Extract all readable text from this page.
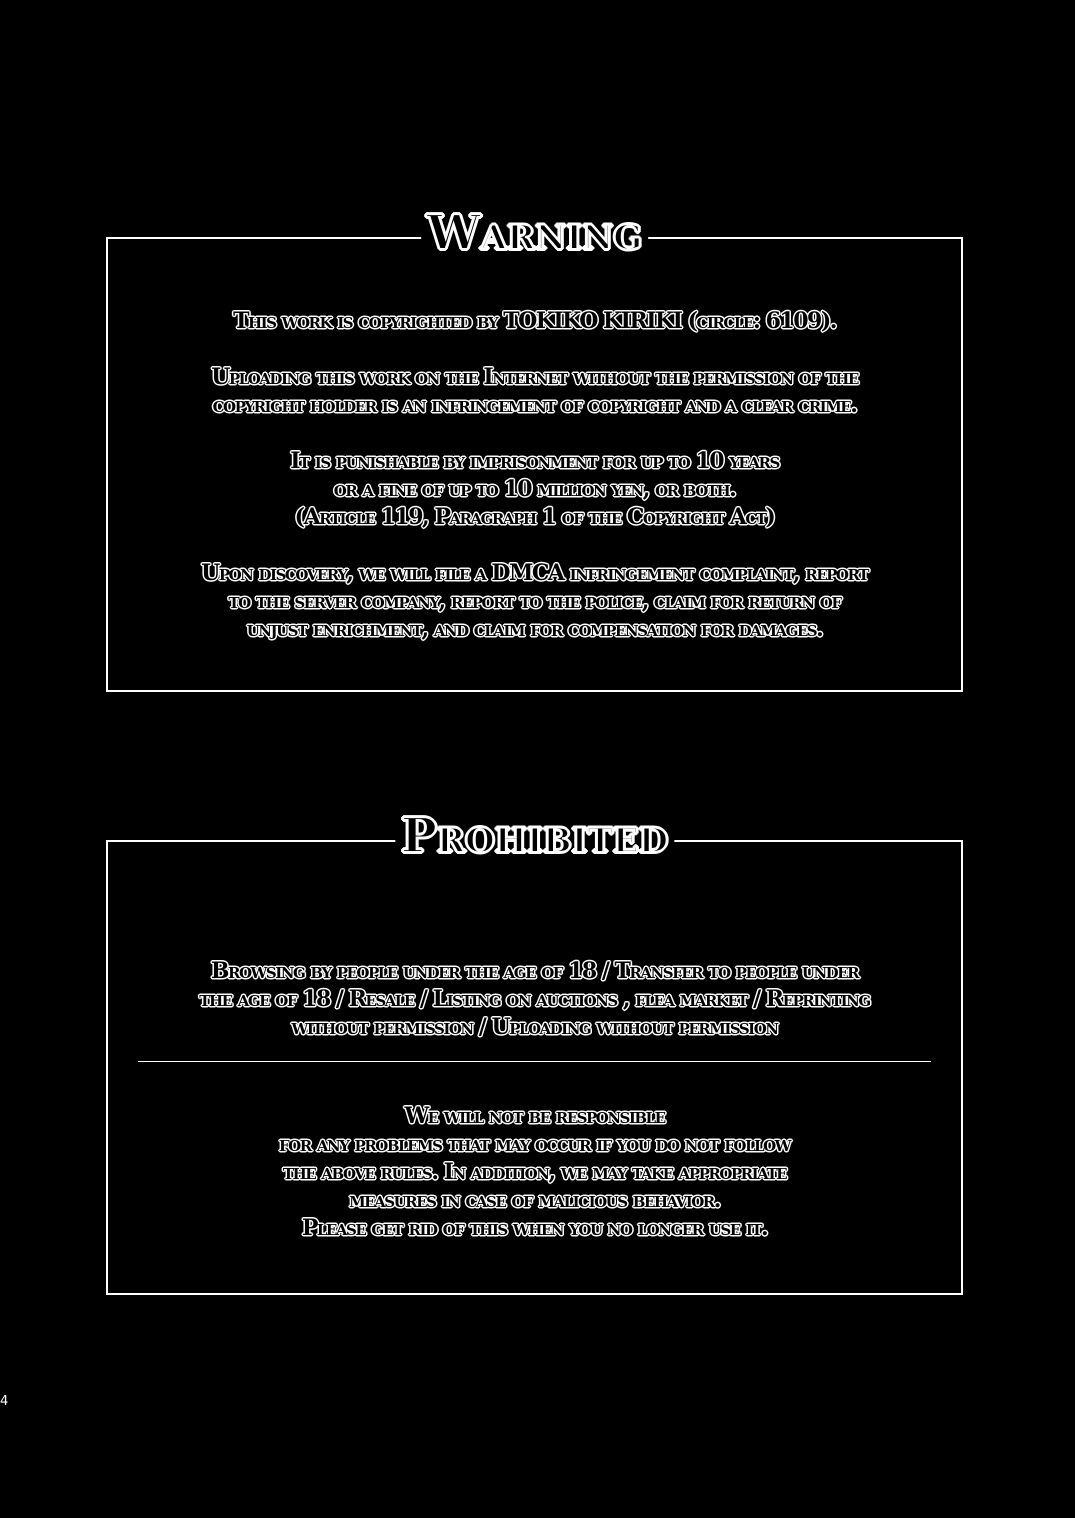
Warning
This work is copyrighted by TOKIKO KIRIKI (circle: 6109).
Uploading this work on the Internet without the permission of the
copyright holder is an infringement of copyright and a clear crime.
It is punishable by imprisonment for up to 10 years
or a fine of up to 10 million yen, or both.
(Article 119, Paragraph 1 of the Copyright Act)
Upon discovery, we will file a DMCA infringement complaint, report
to the server company, report to the police, claim for return of
unjust enrichment, and claim for compensation for damages.
Prohibited
Browsing by people under the age of 18 / Transfer to people under
the age of 18 / Resale / Listing on auctions , flea market / Reprinting
without permission / Uploading without permission
We will not be responsible
for any problems that may occur if you do not follow
the above rules. In addition, we may take appropriate
measures in case of malicious behavior.
Please get rid of this when you no longer use it.
4
